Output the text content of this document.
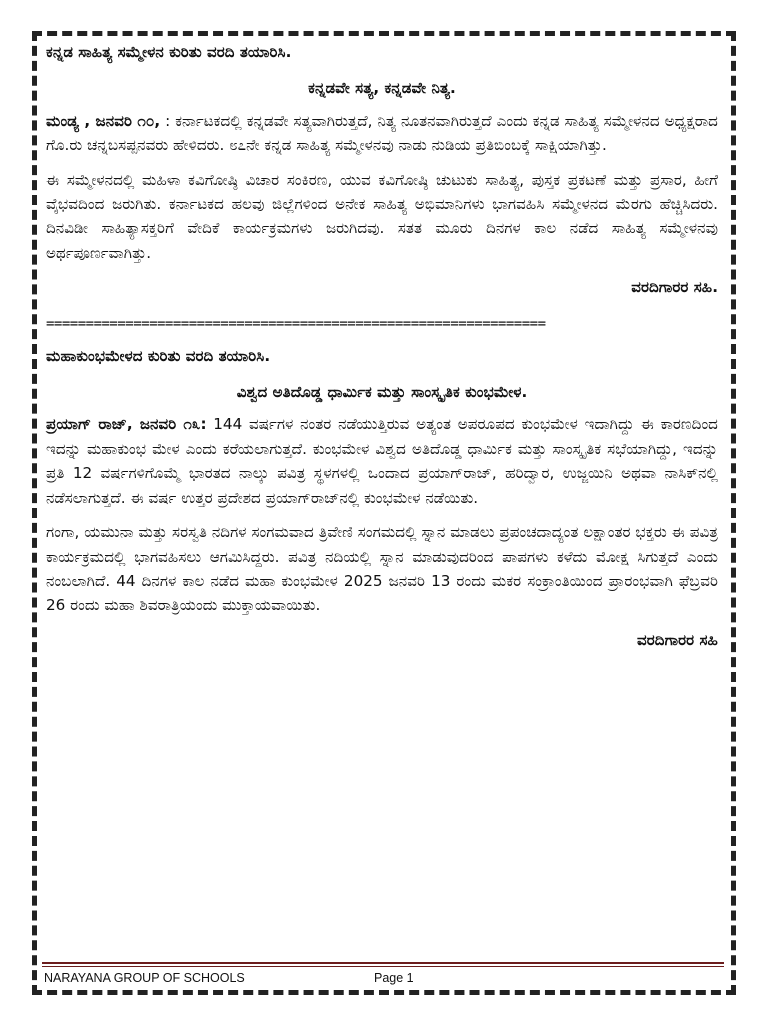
ಕನ್ನಡ ಸಾಹಿತ್ಯ ಸಮ್ಮೇಳನ ಕುರಿತು ವರದಿ ತಯಾರಿಸಿ.

ಕನ್ನಡವೇ ಸತ್ಯ, ಕನ್ನಡವೇ ನಿತ್ಯ.

ಮಂಡ್ಯ , ಜನವರಿ ೧೦, : ಕರ್ನಾಟಕದಲ್ಲಿ ಕನ್ನಡವೇ ಸತ್ಯವಾಗಿರುತ್ತದೆ, ನಿತ್ಯ ನೂತನವಾಗಿರುತ್ತದೆ ಎಂದು ಕನ್ನಡ ಸಾಹಿತ್ಯ ಸಮ್ಮೇಳನದ ಅಧ್ಯಕ್ಷರಾದ ಗೊ.ರು ಚನ್ನಬಸಪ್ಪನವರು ಹೇಳಿದರು. ೮೭ನೇ ಕನ್ನಡ ಸಾಹಿತ್ಯ ಸಮ್ಮೇಳನವು ನಾಡು ನುಡಿಯ ಪ್ರತಿಬಿಂಬಕ್ಕೆ ಸಾಕ್ಷಿಯಾಗಿತ್ತು.

ಈ ಸಮ್ಮೇಳನದಲ್ಲಿ ಮಹಿಳಾ ಕವಿಗೋಷ್ಠಿ ವಿಚಾರ ಸಂಕಿರಣ, ಯುವ ಕವಿಗೋಷ್ಠಿ ಚುಟುಕು ಸಾಹಿತ್ಯ, ಪುಸ್ತಕ ಪ್ರಕಟಣೆ ಮತ್ತು ಪ್ರಸಾರ, ಹೀಗೆ ವೈಭವದಿಂದ ಜರುಗಿತು. ಕರ್ನಾಟಕದ ಹಲವು ಜಿಲ್ಲೆಗಳಿಂದ ಅನೇಕ ಸಾಹಿತ್ಯ ಅಭಿಮಾನಿಗಳು ಭಾಗವಹಿಸಿ ಸಮ್ಮೇಳನದ ಮೆರಗು ಹೆಚ್ಚಿಸಿದರು. ದಿನವಿಡೀ ಸಾಹಿತ್ಯಾಸಕ್ತರಿಗೆ ವೇದಿಕೆ ಕಾರ್ಯಕ್ರಮಗಳು ಜರುಗಿದವು. ಸತತ ಮೂರು ದಿನಗಳ ಕಾಲ ನಡೆದ ಸಾಹಿತ್ಯ ಸಮ್ಮೇಳನವು ಅರ್ಥಪೂರ್ಣವಾಗಿತ್ತು.

ವರದಿಗಾರರ ಸಹಿ.

===============================================================

ಮಹಾಕುಂಭಮೇಳದ ಕುರಿತು ವರದಿ ತಯಾರಿಸಿ.

ವಿಶ್ವದ ಅತಿದೊಡ್ಡ ಧಾರ್ಮಿಕ ಮತ್ತು ಸಾಂಸ್ಕೃತಿಕ ಕುಂಭಮೇಳ.

ಪ್ರಯಾಗ್ ರಾಜ್, ಜನವರಿ ೧೩: 144 ವರ್ಷಗಳ ನಂತರ ನಡೆಯುತ್ತಿರುವ ಅತ್ಯಂತ ಅಪರೂಪದ ಕುಂಭಮೇಳ ಇದಾಗಿದ್ದು ಈ ಕಾರಣದಿಂದ ಇದನ್ನು ಮಹಾಕುಂಭ ಮೇಳ ಎಂದು ಕರೆಯಲಾಗುತ್ತದೆ. ಕುಂಭಮೇಳ ವಿಶ್ವದ ಅತಿದೊಡ್ಡ ಧಾರ್ಮಿಕ ಮತ್ತು ಸಾಂಸ್ಕೃತಿಕ ಸಭೆಯಾಗಿದ್ದು, ಇದನ್ನು ಪ್ರತಿ 12 ವರ್ಷಗಳಿಗೊಮ್ಮೆ ಭಾರತದ ನಾಲ್ಕು ಪವಿತ್ರ ಸ್ಥಳಗಳಲ್ಲಿ ಒಂದಾದ ಪ್ರಯಾಗ್‌ರಾಜ್, ಹರಿದ್ವಾರ, ಉಜ್ಜಯಿನಿ ಅಥವಾ ನಾಸಿಕ್‌ನಲ್ಲಿ ನಡೆಸಲಾಗುತ್ತದೆ. ಈ ವರ್ಷ ಉತ್ತರ ಪ್ರದೇಶದ ಪ್ರಯಾಗ್‌ರಾಜ್‌ನಲ್ಲಿ ಕುಂಭಮೇಳ ನಡೆಯಿತು.

ಗಂಗಾ, ಯಮುನಾ ಮತ್ತು ಸರಸ್ವತಿ ನದಿಗಳ ಸಂಗಮವಾದ ತ್ರಿವೇಣಿ ಸಂಗಮದಲ್ಲಿ ಸ್ನಾನ ಮಾಡಲು ಪ್ರಪಂಚದಾದ್ಯಂತ ಲಕ್ಷಾಂತರ ಭಕ್ತರು ಈ ಪವಿತ್ರ ಕಾರ್ಯಕ್ರಮದಲ್ಲಿ ಭಾಗವಹಿಸಲು ಆಗಮಿಸಿದ್ದರು. ಪವಿತ್ರ ನದಿಯಲ್ಲಿ ಸ್ನಾನ ಮಾಡುವುದರಿಂದ ಪಾಪಗಳು ಕಳೆದು ಮೋಕ್ಷ ಸಿಗುತ್ತದೆ ಎಂದು ನಂಬಲಾಗಿದೆ. 44 ದಿನಗಳ ಕಾಲ ನಡೆದ ಮಹಾ ಕುಂಭಮೇಳ 2025 ಜನವರಿ 13 ರಂದು ಮಕರ ಸಂಕ್ರಾಂತಿಯಿಂದ ಪ್ರಾರಂಭವಾಗಿ ಫೆಬ್ರವರಿ 26 ರಂದು ಮಹಾ ಶಿವರಾತ್ರಿಯಂದು ಮುಕ್ತಾಯವಾಯಿತು.

ವರದಿಗಾರರ ಸಹಿ

NARAYANA GROUP OF SCHOOLS	Page 1
